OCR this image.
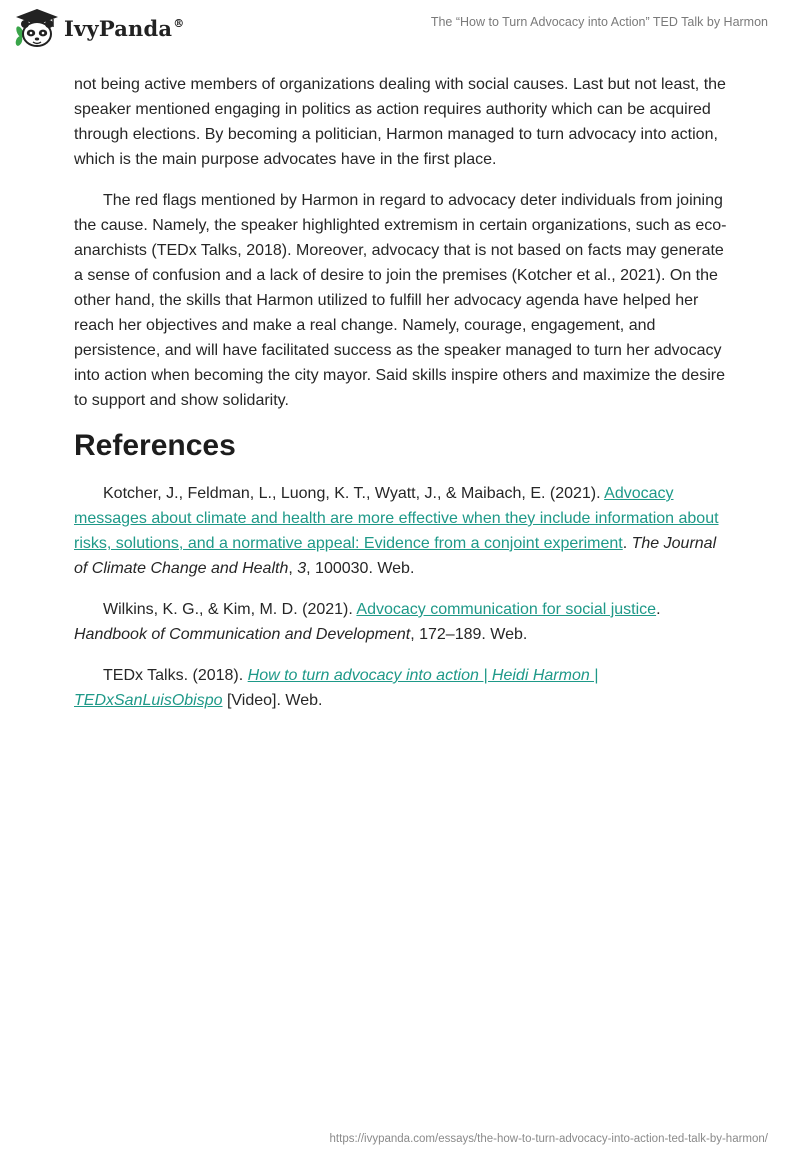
IvyPanda®	The “How to Turn Advocacy into Action” TED Talk by Harmon

not being active members of organizations dealing with social causes. Last but not least, the speaker mentioned engaging in politics as action requires authority which can be acquired through elections. By becoming a politician, Harmon managed to turn advocacy into action, which is the main purpose advocates have in the first place.

The red flags mentioned by Harmon in regard to advocacy deter individuals from joining the cause. Namely, the speaker highlighted extremism in certain organizations, such as eco-anarchists (TEDx Talks, 2018). Moreover, advocacy that is not based on facts may generate a sense of confusion and a lack of desire to join the premises (Kotcher et al., 2021). On the other hand, the skills that Harmon utilized to fulfill her advocacy agenda have helped her reach her objectives and make a real change. Namely, courage, engagement, and persistence, and will have facilitated success as the speaker managed to turn her advocacy into action when becoming the city mayor. Said skills inspire others and maximize the desire to support and show solidarity.

References

Kotcher, J., Feldman, L., Luong, K. T., Wyatt, J., & Maibach, E. (2021). Advocacy messages about climate and health are more effective when they include information about risks, solutions, and a normative appeal: Evidence from a conjoint experiment. The Journal of Climate Change and Health, 3, 100030. Web.

Wilkins, K. G., & Kim, M. D. (2021). Advocacy communication for social justice. Handbook of Communication and Development, 172–189. Web.

TEDx Talks. (2018). How to turn advocacy into action | Heidi Harmon | TEDxSanLuisObispo [Video]. Web.

https://ivypanda.com/essays/the-how-to-turn-advocacy-into-action-ted-talk-by-harmon/
